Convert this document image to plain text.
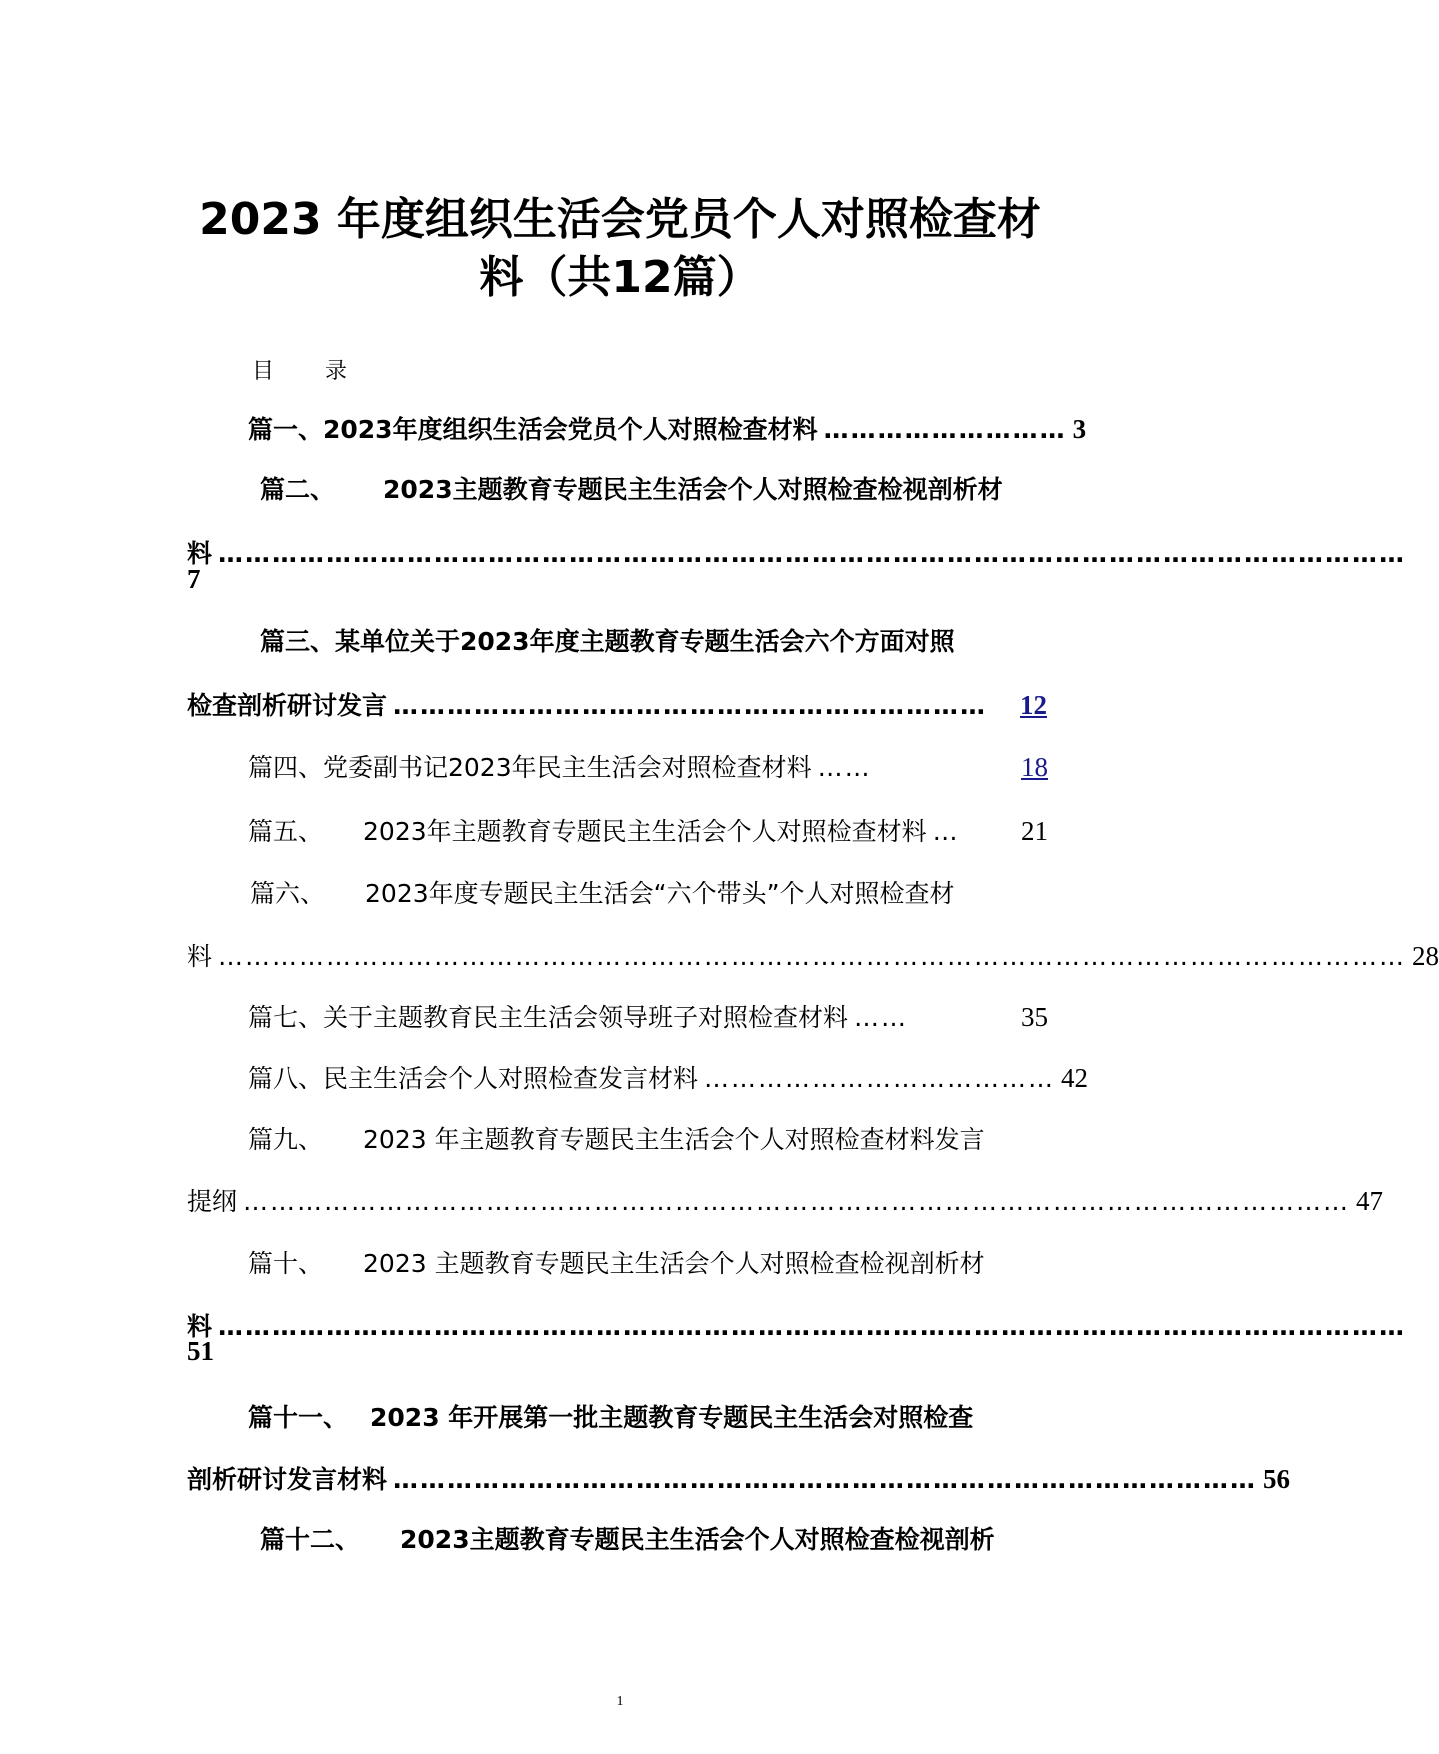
2023 年度组织生活会党员个人对照检查材
料（共12篇）
目 录
篇一、2023年度组织生活会党员个人对照检查材料 ……………………… 3
篇二、 2023主题教育专题民主生活会个人对照检查检视剖析材
料 ……………………………………………………………………………………………………………………
7
篇三、某单位关于2023年度主题教育专题生活会六个方面对照
检查剖析研讨发言 …………………………………………………………	12
篇四、党委副书记2023年民主生活会对照检查材料 ……	18
篇五、 2023年主题教育专题民主生活会个人对照检查材料 …	21
篇六、 2023年度专题民主生活会“六个带头”个人对照检查材
料 …………………………………………………………………………………………………………………… 28
篇七、关于主题教育民主生活会领导班子对照检查材料 ……	35
篇八、民主生活会个人对照检查发言材料 ………………………………… 42
篇九、 2023 年主题教育专题民主生活会个人对照检查材料发言
提纲 …………………………………………………………………………………………………………… 47
篇十、 2023 主题教育专题民主生活会个人对照检查检视剖析材
料 ……………………………………………………………………………………………………………………
51
篇十一、 2023 年开展第一批主题教育专题民主生活会对照检查
剖析研讨发言材料 …………………………………………………………………………………… 56
篇十二、 2023主题教育专题民主生活会个人对照检查检视剖析
1
